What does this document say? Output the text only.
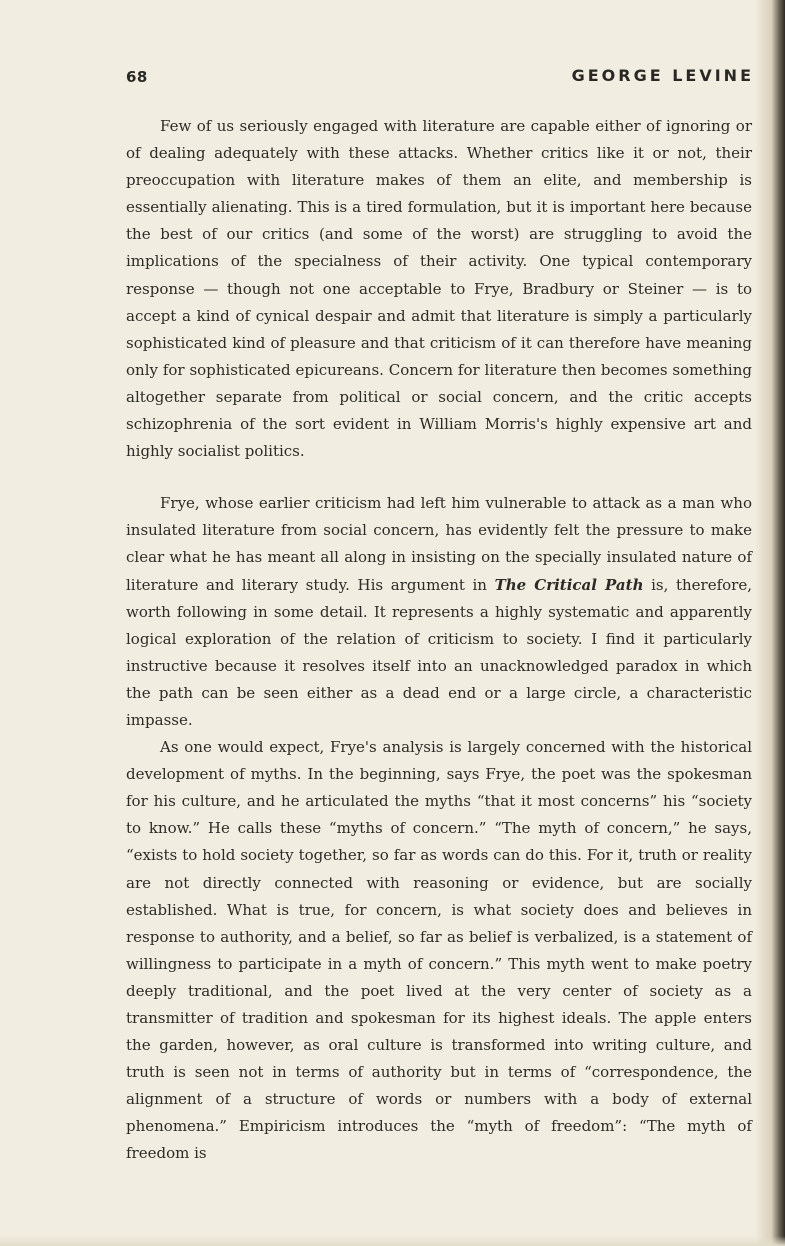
68	GEORGE LEVINE

Few of us seriously engaged with literature are capable either of ignoring or of dealing adequately with these attacks. Whether critics like it or not, their preoccupation with literature makes of them an elite, and membership is essentially alienating. This is a tired formulation, but it is important here because the best of our critics (and some of the worst) are struggling to avoid the implications of the specialness of their activity. One typical contemporary response — though not one acceptable to Frye, Bradbury or Steiner — is to accept a kind of cynical despair and admit that literature is simply a particularly sophisticated kind of pleasure and that criticism of it can therefore have meaning only for sophisticated epicureans. Concern for literature then becomes something altogether separate from political or social concern, and the critic accepts schizophrenia of the sort evident in William Morris's highly expensive art and highly socialist politics.

Frye, whose earlier criticism had left him vulnerable to attack as a man who insulated literature from social concern, has evidently felt the pressure to make clear what he has meant all along in insisting on the specially insulated nature of literature and literary study. His argument in The Critical Path is, therefore, worth following in some detail. It represents a highly systematic and apparently logical exploration of the relation of criticism to society. I find it particularly instructive because it resolves itself into an unacknowledged paradox in which the path can be seen either as a dead end or a large circle, a characteristic impasse.

As one would expect, Frye's analysis is largely concerned with the historical development of myths. In the beginning, says Frye, the poet was the spokesman for his culture, and he articulated the myths “that it most concerns” his “society to know.” He calls these “myths of concern.” “The myth of concern,” he says, “exists to hold society together, so far as words can do this. For it, truth or reality are not directly connected with reasoning or evidence, but are socially established. What is true, for concern, is what society does and believes in response to authority, and a belief, so far as belief is verbalized, is a statement of willingness to participate in a myth of concern.” This myth went to make poetry deeply traditional, and the poet lived at the very center of society as a transmitter of tradition and spokesman for its highest ideals. The apple enters the garden, however, as oral culture is transformed into writing culture, and truth is seen not in terms of authority but in terms of “correspondence, the alignment of a structure of words or numbers with a body of external phenomena.” Empiricism introduces the “myth of freedom”: “The myth of freedom is
